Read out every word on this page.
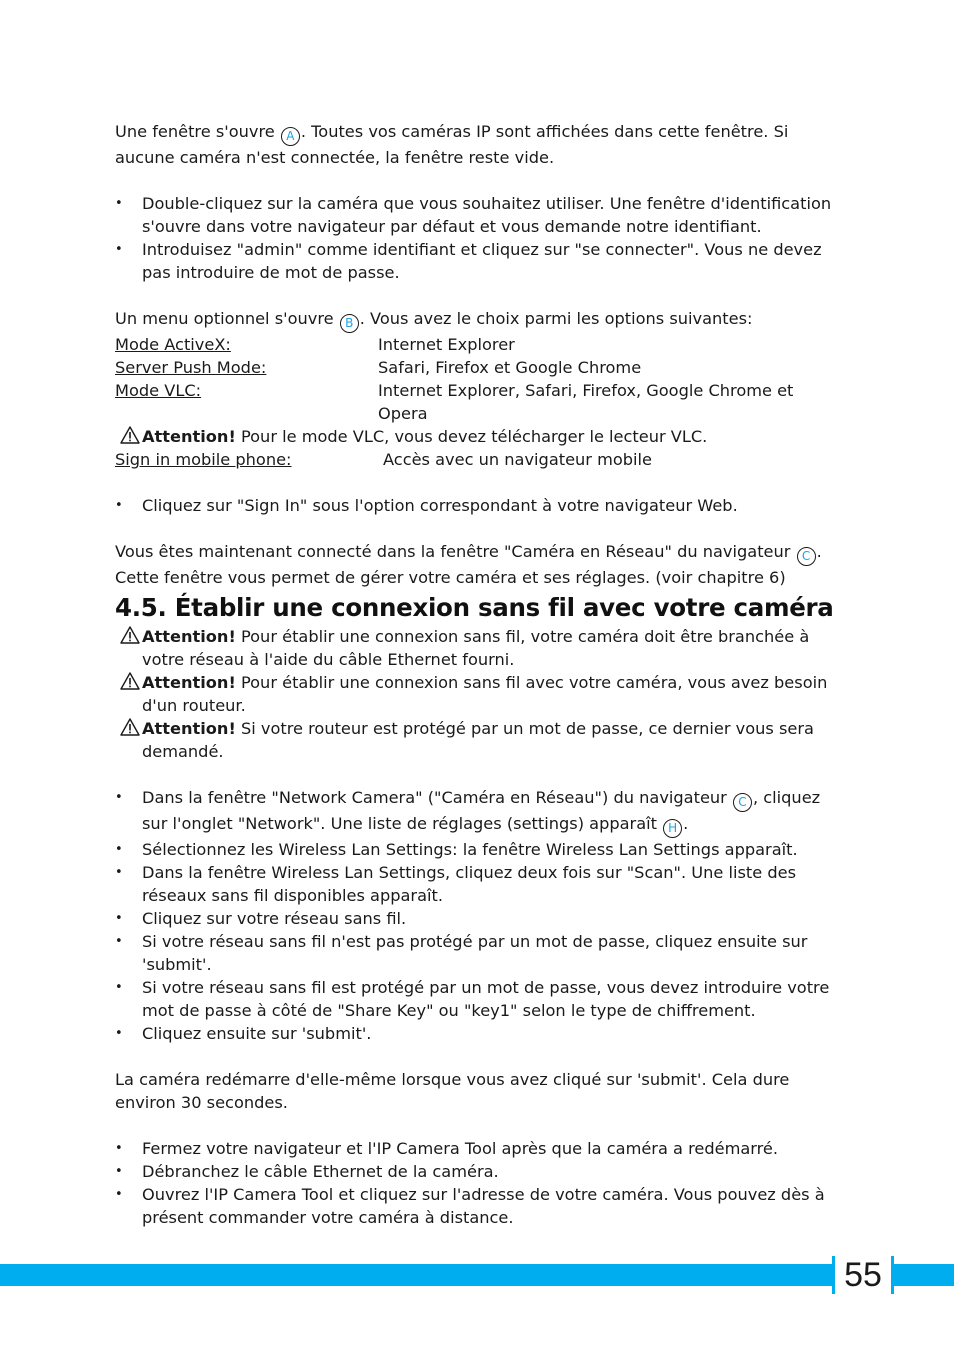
Une fenêtre s'ouvre A . Toutes vos caméras IP sont affichées dans cette fenêtre. Si aucune caméra n'est connectée, la fenêtre reste vide.

• Double-cliquez sur la caméra que vous souhaitez utiliser. Une fenêtre d'identification s'ouvre dans votre navigateur par défaut et vous demande notre identifiant.
• Introduisez "admin" comme identifiant et cliquez sur "se connecter". Vous ne devez pas introduire de mot de passe.

Un menu optionnel s'ouvre B . Vous avez le choix parmi les options suivantes:

Mode ActiveX:	Internet Explorer
Server Push Mode:	Safari, Firefox et Google Chrome
Mode VLC:	Internet Explorer, Safari, Firefox, Google Chrome et Opera

Attention! Pour le mode VLC, vous devez télécharger le lecteur VLC.

Sign in mobile phone:	Accès avec un navigateur mobile
• Cliquez sur "Sign In" sous l'option correspondant à votre navigateur Web.

Vous êtes maintenant connecté dans la fenêtre "Caméra en Réseau" du navigateur C .
Cette fenêtre vous permet de gérer votre caméra et ses réglages. (voir chapitre 6)

4.5. Établir une connexion sans fil avec votre caméra

Attention! Pour établir une connexion sans fil, votre caméra doit être branchée à votre réseau à l'aide du câble Ethernet fourni.

Attention! Pour établir une connexion sans fil avec votre caméra, vous avez besoin d'un routeur.

Attention! Si votre routeur est protégé par un mot de passe, ce dernier vous sera demandé.

• Dans la fenêtre "Network Camera" ("Caméra en Réseau") du navigateur C , cliquez sur l'onglet "Network". Une liste de réglages (settings) apparaît H .
• Sélectionnez les Wireless Lan Settings: la fenêtre Wireless Lan Settings apparaît.
• Dans la fenêtre Wireless Lan Settings, cliquez deux fois sur "Scan". Une liste des réseaux sans fil disponibles apparaît.
• Cliquez sur votre réseau sans fil.
• Si votre réseau sans fil n'est pas protégé par un mot de passe, cliquez ensuite sur 'submit'.
• Si votre réseau sans fil est protégé par un mot de passe, vous devez introduire votre mot de passe à côté de "Share Key" ou "key1" selon le type de chiffrement.
• Cliquez ensuite sur 'submit'.

La caméra redémarre d'elle-même lorsque vous avez cliqué sur 'submit'. Cela dure environ 30 secondes.

• Fermez votre navigateur et l'IP Camera Tool après que la caméra a redémarré.
• Débranchez le câble Ethernet de la caméra.
• Ouvrez l'IP Camera Tool et cliquez sur l'adresse de votre caméra. Vous pouvez dès à présent commander votre caméra à distance.
55
